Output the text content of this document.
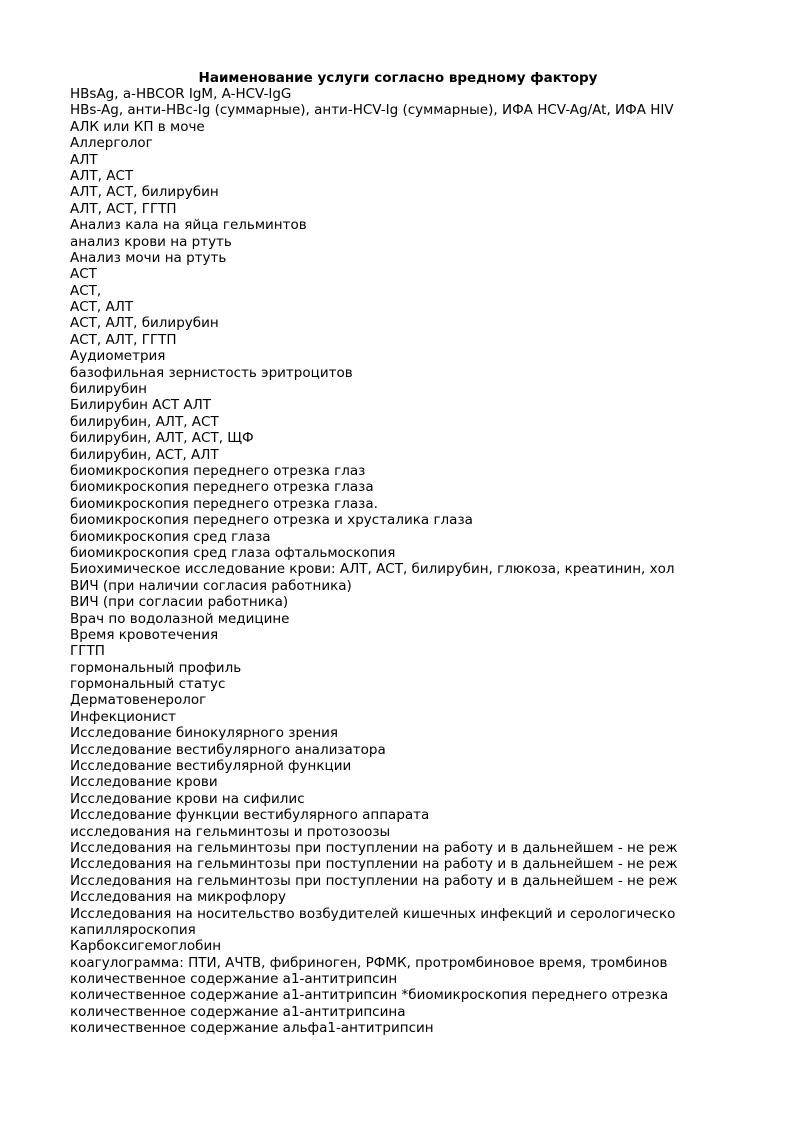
Наименование услуги согласно вредному фактору
HBsAg, a-HBCOR IgM, A-HCV-IgG
HBs-Ag, анти-HBc-Ig (суммарные), анти-HCV-Ig (суммарные), ИФА HCV-Ag/At, ИФА HIV
АЛК или КП в моче
Аллерголог
АЛТ
АЛТ, АСТ
АЛТ, АСТ, билирубин
АЛТ, АСТ, ГГТП
Анализ кала на яйца гельминтов
анализ крови на ртуть
Анализ мочи на ртуть
АСТ
АСТ,
АСТ, АЛТ
АСТ, АЛТ, билирубин
АСТ, АЛТ, ГГТП
Аудиометрия
базофильная зернистость эритроцитов
билирубин
Билирубин АСТ АЛТ
билирубин, АЛТ, АСТ
билирубин, АЛТ, АСТ, ЩФ
билирубин, АСТ, АЛТ
биомикроскопия переднего отрезка глаз
биомикроскопия переднего отрезка глаза
биомикроскопия переднего отрезка глаза.
биомикроскопия переднего отрезка и хрусталика глаза
биомикроскопия сред глаза
биомикроскопия сред глаза офтальмоскопия
Биохимическое исследование крови: АЛТ, АСТ, билирубин, глюкоза, креатинин, хол
ВИЧ (при наличии согласия работника)
ВИЧ (при согласии работника)
Врач по водолазной медицине
Время кровотечения
ГГТП
гормональный профиль
гормональный статус
Дерматовенеролог
Инфекционист
Исследование бинокулярного зрения
Исследование вестибулярного анализатора
Исследование вестибулярной функции
Исследование крови
Исследование крови на сифилис
Исследование функции вестибулярного аппарата
исследования на гельминтозы и протозоозы
Исследования на гельминтозы при поступлении на работу и в дальнейшем - не реж
Исследования на гельминтозы при поступлении на работу и в дальнейшем - не реж
Исследования на гельминтозы при поступлении на работу и в дальнейшем - не реж
Исследования на микрофлору
Исследования на носительство возбудителей кишечных инфекций и серологическо
капилляроскопия
Карбоксигемоглобин
коагулограмма: ПТИ, АЧТВ, фибриноген, РФМК, протромбиновое время, тромбинов
количественное содержание а1-антитрипсин
количественное содержание а1-антитрипсин *биомикроскопия переднего отрезка
количественное содержание а1-антитрипсина
количественное содержание альфа1-антитрипсин
